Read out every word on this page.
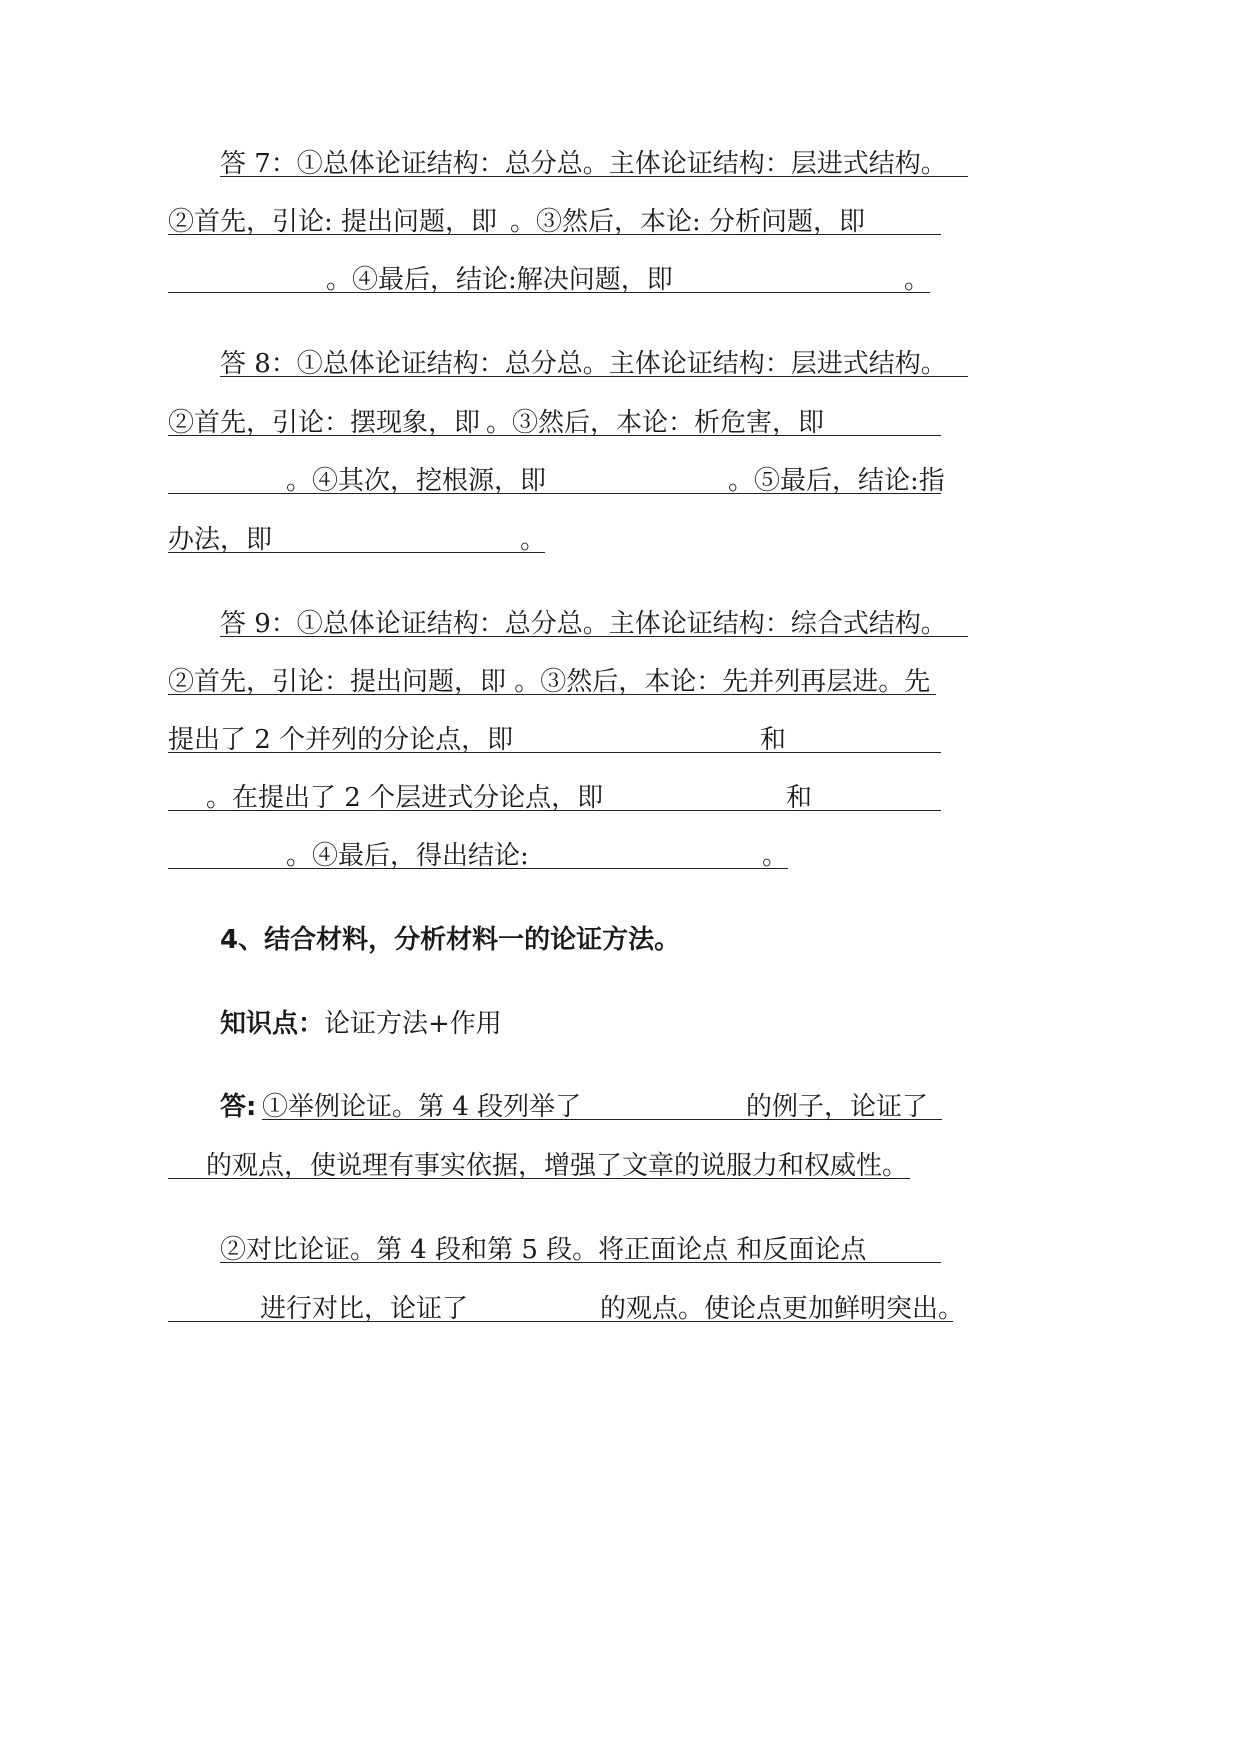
答 7：①总体论证结构：总分总。主体论证结构：层进式结构。
②首先，引论: 提出问题，即 。③然后，本论: 分析问题，即
。④最后，结论:解决问题，即	。
答 8：①总体论证结构：总分总。主体论证结构：层进式结构。
②首先，引论：摆现象，即 。③然后，本论：析危害，即
。④其次，挖根源，即	。⑤最后，结论:指
办法，即	。
答 9：①总体论证结构：总分总。主体论证结构：综合式结构。
②首先，引论：提出问题，即 。③然后，本论：先并列再层进。先
提出了 2 个并列的分论点，即	和
。在提出了 2 个层进式分论点，即	和
。④最后，得出结论:	。
4、结合材料，分析材料一的论证方法。
知识点：论证方法+作用
答: ①举例论证。第 4 段列举了	的例子，论证了
的观点，使说理有事实依据，增强了文章的说服力和权威性。
②对比论证。第 4 段和第 5 段。将正面论点 和反面论点
进行对比，论证了	的观点。使论点更加鲜明突出。
